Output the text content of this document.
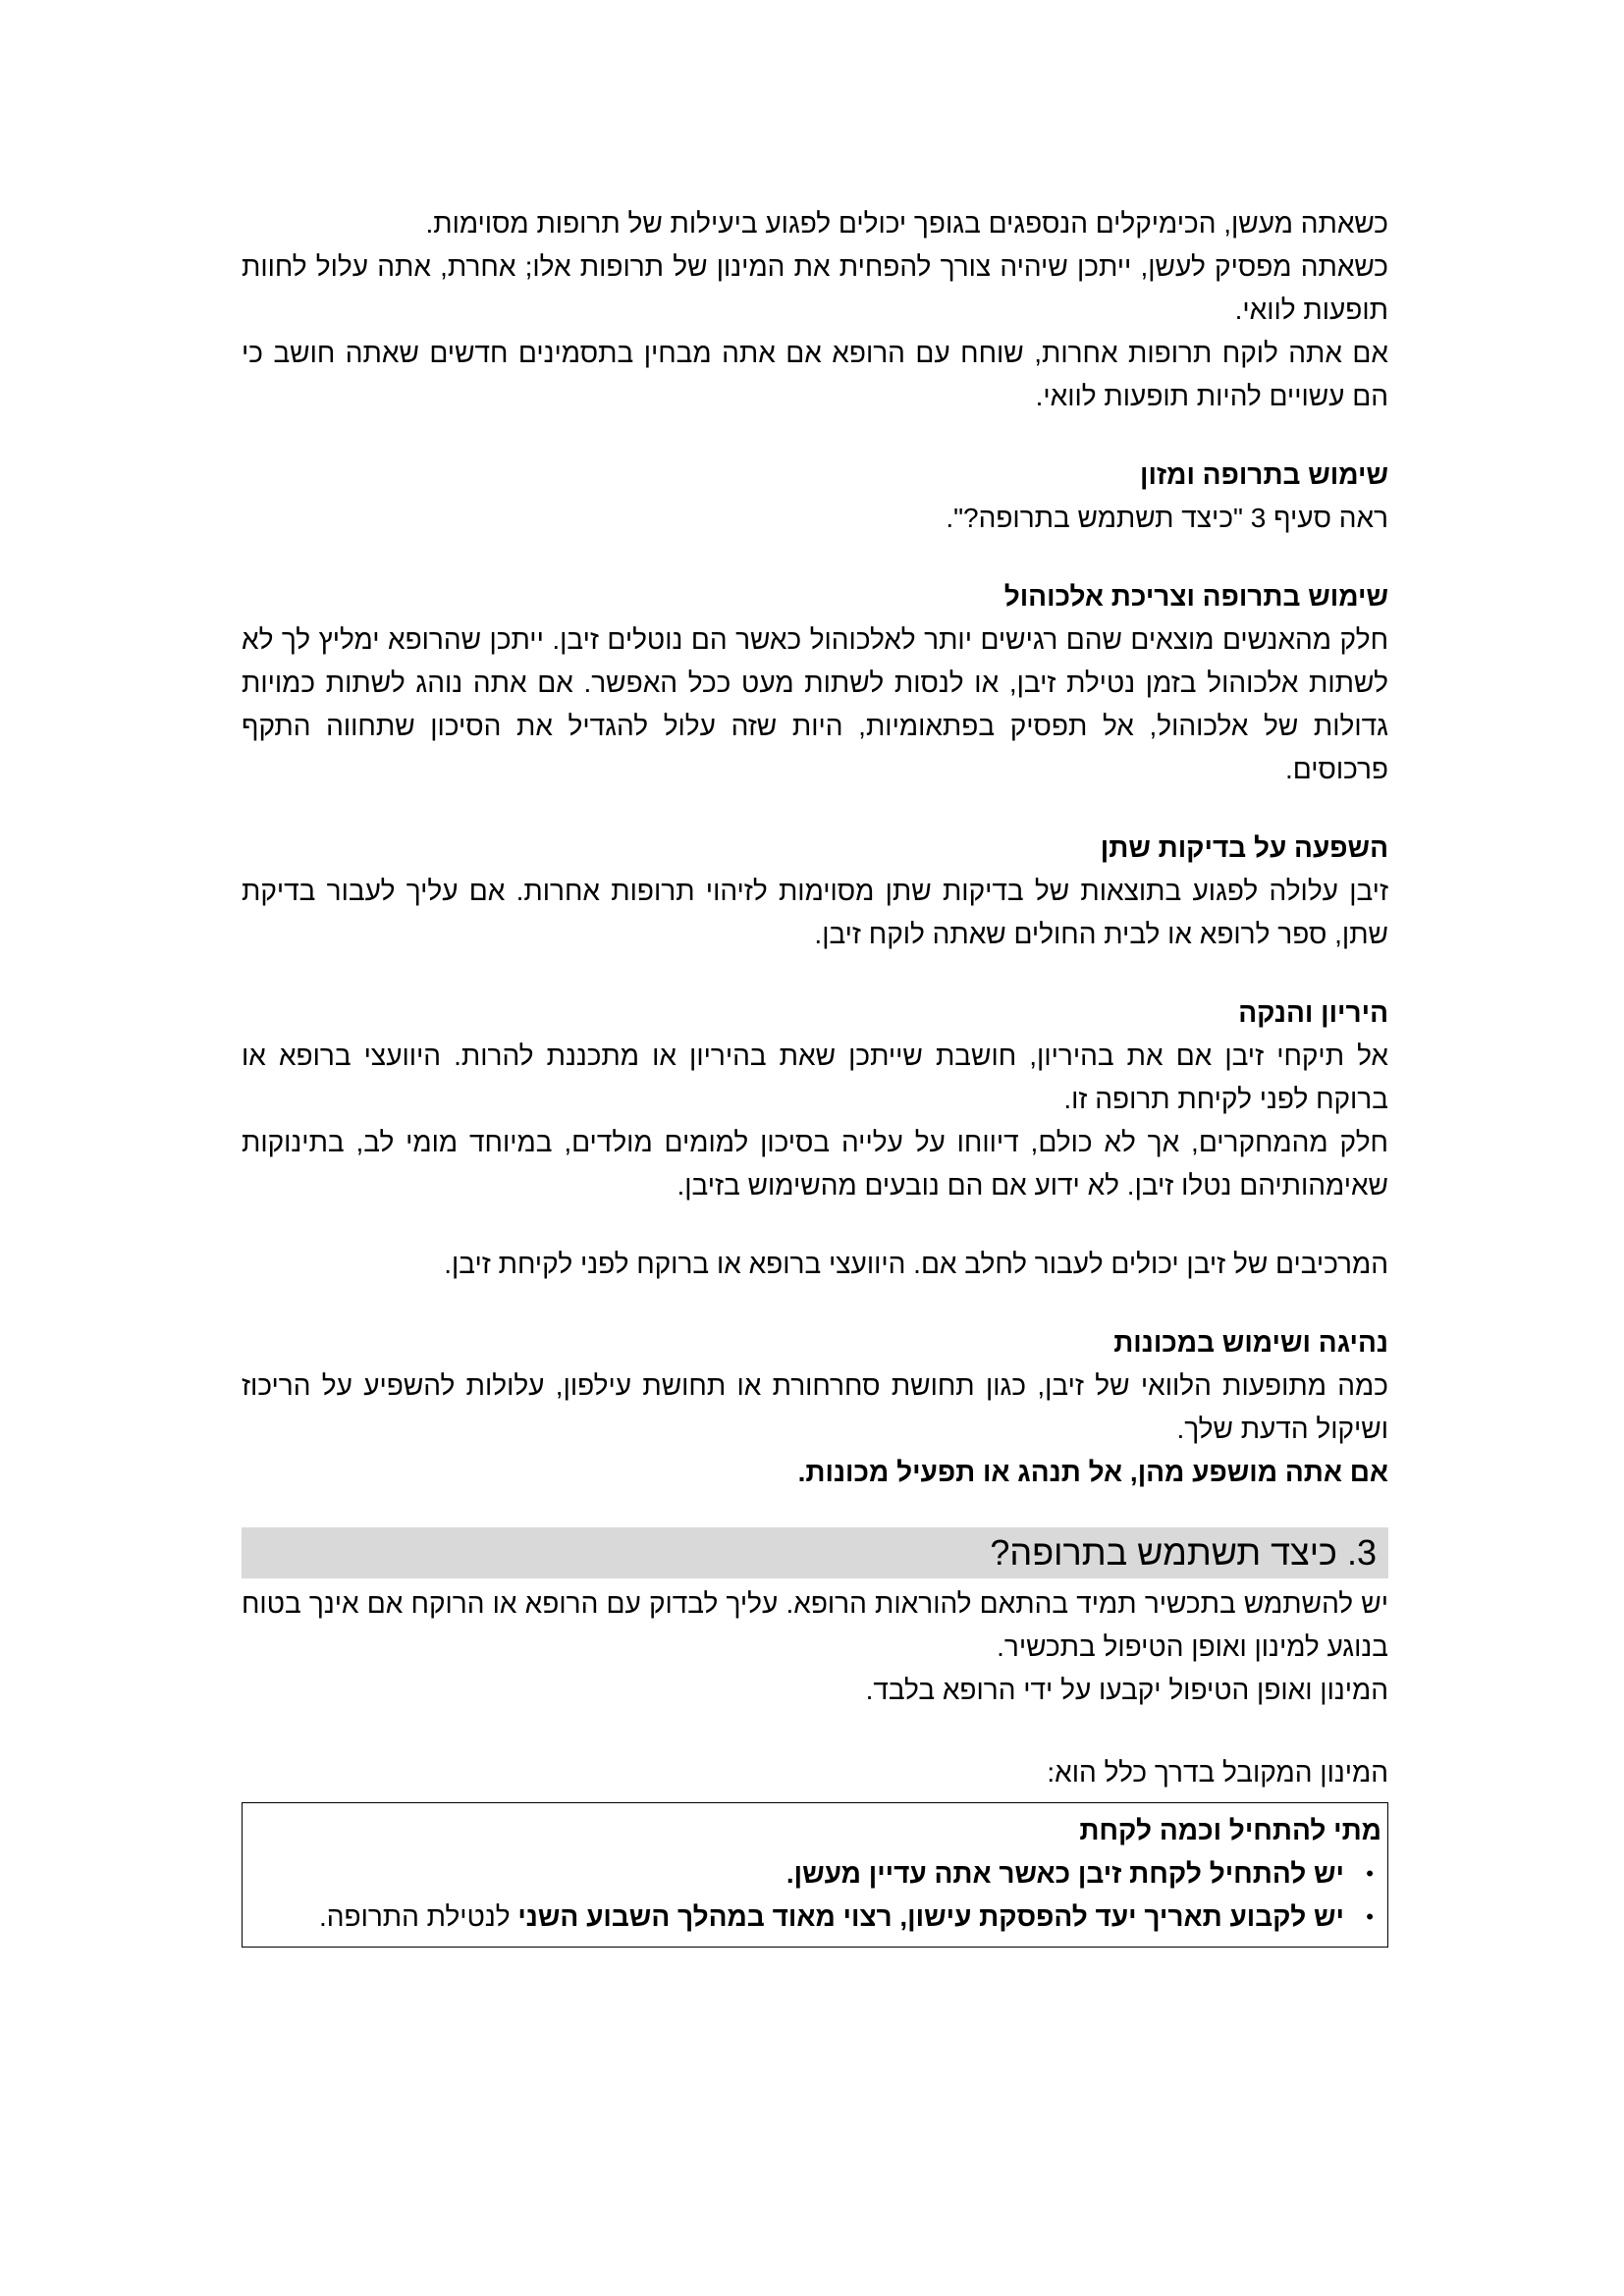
כשאתה מעשן, הכימיקלים הנספגים בגופך יכולים לפגוע ביעילות של תרופות מסוימות.

כשאתה מפסיק לעשן, ייתכן שיהיה צורך להפחית את המינון של תרופות אלו; אחרת, אתה עלול לחוות תופעות לוואי.

אם אתה לוקח תרופות אחרות, שוחח עם הרופא אם אתה מבחין בתסמינים חדשים שאתה חושב כי הם עשויים להיות תופעות לוואי.

שימוש בתרופה ומזון

ראה סעיף 3 "כיצד תשתמש בתרופה?".

שימוש בתרופה וצריכת אלכוהול

חלק מהאנשים מוצאים שהם רגישים יותר לאלכוהול כאשר הם נוטלים זיבן. ייתכן שהרופא ימליץ לך לא לשתות אלכוהול בזמן נטילת זיבן, או לנסות לשתות מעט ככל האפשר. אם אתה נוהג לשתות כמויות גדולות של אלכוהול, אל תפסיק בפתאומיות, היות שזה עלול להגדיל את הסיכון שתחווה התקף פרכוסים.

השפעה על בדיקות שתן

זיבן עלולה לפגוע בתוצאות של בדיקות שתן מסוימות לזיהוי תרופות אחרות. אם עליך לעבור בדיקת שתן, ספר לרופא או לבית החולים שאתה לוקח זיבן.

היריון והנקה

אל תיקחי זיבן אם את בהיריון, חושבת שייתכן שאת בהיריון או מתכננת להרות. היוועצי ברופא או ברוקח לפני לקיחת תרופה זו.

חלק מהמחקרים, אך לא כולם, דיווחו על עלייה בסיכון למומים מולדים, במיוחד מומי לב, בתינוקות שאימהותיהם נטלו זיבן. לא ידוע אם הם נובעים מהשימוש בזיבן.

המרכיבים של זיבן יכולים לעבור לחלב אם. היוועצי ברופא או ברוקח לפני לקיחת זיבן.

נהיגה ושימוש במכונות

כמה מתופעות הלוואי של זיבן, כגון תחושת סחרחורת או תחושת עילפון, עלולות להשפיע על הריכוז ושיקול הדעת שלך.

אם אתה מושפע מהן, אל תנהג או תפעיל מכונות.

3. כיצד תשתמש בתרופה?

יש להשתמש בתכשיר תמיד בהתאם להוראות הרופא. עליך לבדוק עם הרופא או הרוקח אם אינך בטוח בנוגע למינון ואופן הטיפול בתכשיר.

המינון ואופן הטיפול יקבעו על ידי הרופא בלבד.

המינון המקובל בדרך כלל הוא:

מתי להתחיל וכמה לקחת

•
יש להתחיל לקחת זיבן כאשר אתה עדיין מעשן.
•
יש לקבוע תאריך יעד להפסקת עישון, רצוי מאוד במהלך השבוע השני לנטילת התרופה.
